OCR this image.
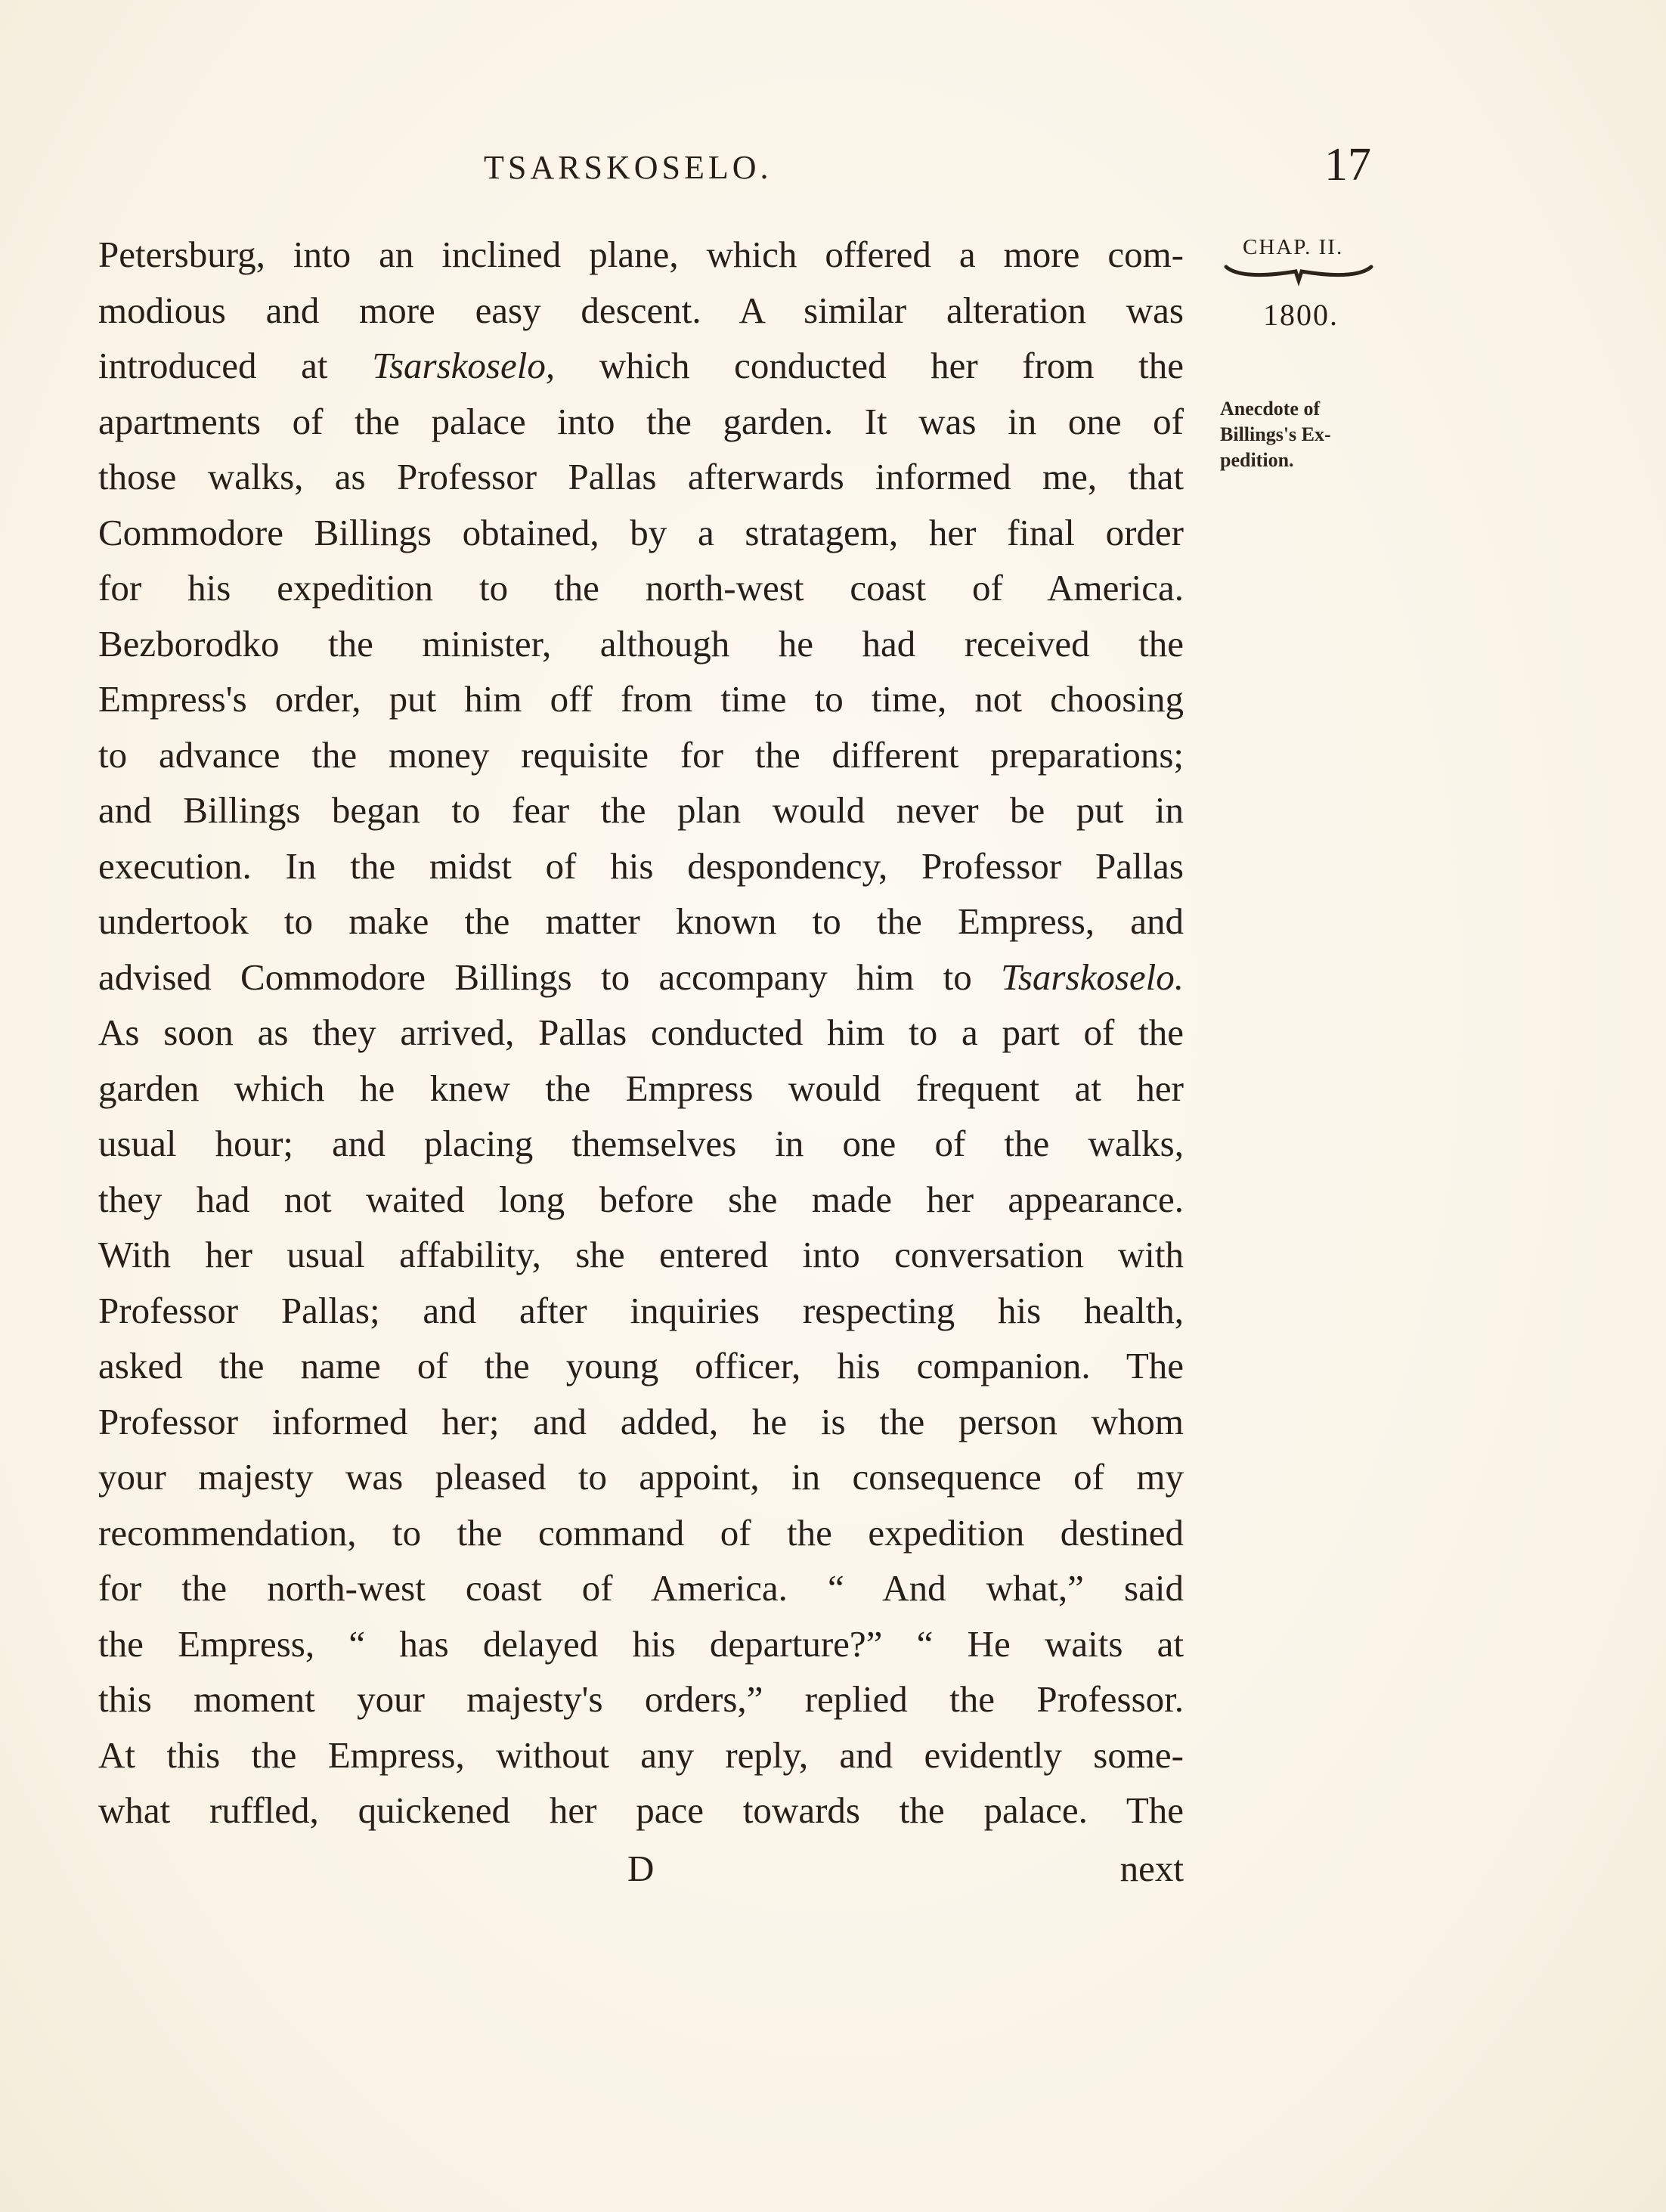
TSARSKOSELO.	17
CHAP. II.
1800.
Anecdote of
Billings's Ex-
pedition.
Petersburg, into an inclined plane, which offered a more com-
modious and more easy descent. A similar alteration was
introduced at Tsarskoselo, which conducted her from the
apartments of the palace into the garden. It was in one of
those walks, as Professor Pallas afterwards informed me, that
Commodore Billings obtained, by a stratagem, her final order
for his expedition to the north-west coast of America.
Bezborodko the minister, although he had received the
Empress's order, put him off from time to time, not choosing
to advance the money requisite for the different preparations;
and Billings began to fear the plan would never be put in
execution. In the midst of his despondency, Professor Pallas
undertook to make the matter known to the Empress, and
advised Commodore Billings to accompany him to Tsarskoselo.
As soon as they arrived, Pallas conducted him to a part of the
garden which he knew the Empress would frequent at her
usual hour; and placing themselves in one of the walks,
they had not waited long before she made her appearance.
With her usual affability, she entered into conversation with
Professor Pallas; and after inquiries respecting his health,
asked the name of the young officer, his companion. The
Professor informed her; and added, he is the person whom
your majesty was pleased to appoint, in consequence of my
recommendation, to the command of the expedition destined
for the north-west coast of America. “ And what,” said
the Empress, “ has delayed his departure?” “ He waits at
this moment your majesty's orders,” replied the Professor.
At this the Empress, without any reply, and evidently some-
what ruffled, quickened her pace towards the palace. The
D	next
